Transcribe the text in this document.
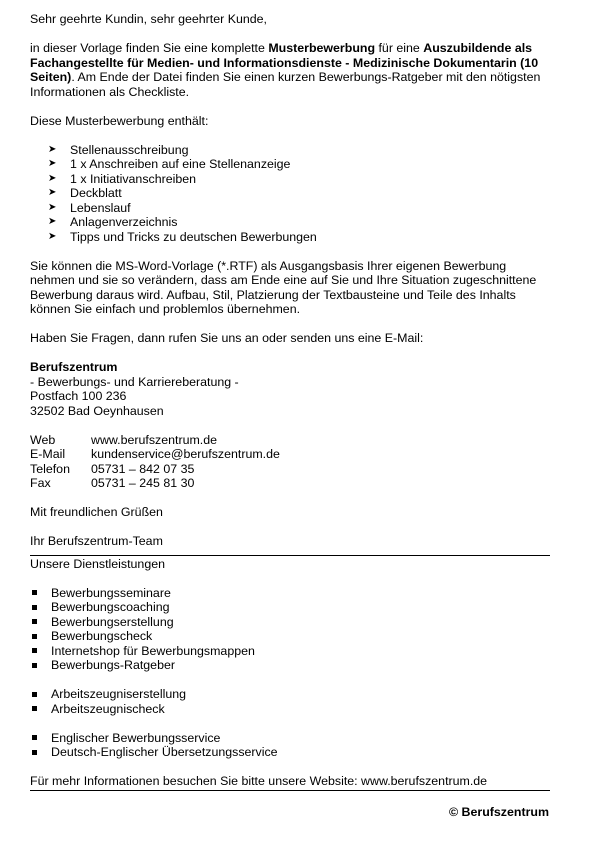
Sehr geehrte Kundin, sehr geehrter Kunde,

in dieser Vorlage finden Sie eine komplette Musterbewerbung für eine Auszubildende als Fachangestellte für Medien- und Informationsdienste - Medizinische Dokumentarin (10 Seiten). Am Ende der Datei finden Sie einen kurzen Bewerbungs-Ratgeber mit den nötigsten Informationen als Checkliste.

Diese Musterbewerbung enthält:

➤	Stellenausschreibung
➤	1 x Anschreiben auf eine Stellenanzeige
➤	1 x Initiativanschreiben
➤	Deckblatt
➤	Lebenslauf
➤	Anlagenverzeichnis
➤	Tipps und Tricks zu deutschen Bewerbungen

Sie können die MS-Word-Vorlage (*.RTF) als Ausgangsbasis Ihrer eigenen Bewerbung nehmen und sie so verändern, dass am Ende eine auf Sie und Ihre Situation zugeschnittene Bewerbung daraus wird. Aufbau, Stil, Platzierung der Textbausteine und Teile des Inhalts können Sie einfach und problemlos übernehmen.

Haben Sie Fragen, dann rufen Sie uns an oder senden uns eine E-Mail:

Berufszentrum

- Bewerbungs- und Karriereberatung -

Postfach 100 236

32502 Bad Oeynhausen

Web	www.berufszentrum.de
E-Mail	kundenservice@berufszentrum.de
Telefon	05731 – 842 07 35
Fax	05731 – 245 81 30

Mit freundlichen Grüßen

Ihr Berufszentrum-Team

Unsere Dienstleistungen

Bewerbungsseminare
Bewerbungscoaching
Bewerbungserstellung
Bewerbungscheck
Internetshop für Bewerbungsmappen
Bewerbungs-Ratgeber
Arbeitszeugniserstellung
Arbeitszeugnischeck
Englischer Bewerbungsservice
Deutsch-Englischer Übersetzungsservice

Für mehr Informationen besuchen Sie bitte unsere Website: www.berufszentrum.de

© Berufszentrum
